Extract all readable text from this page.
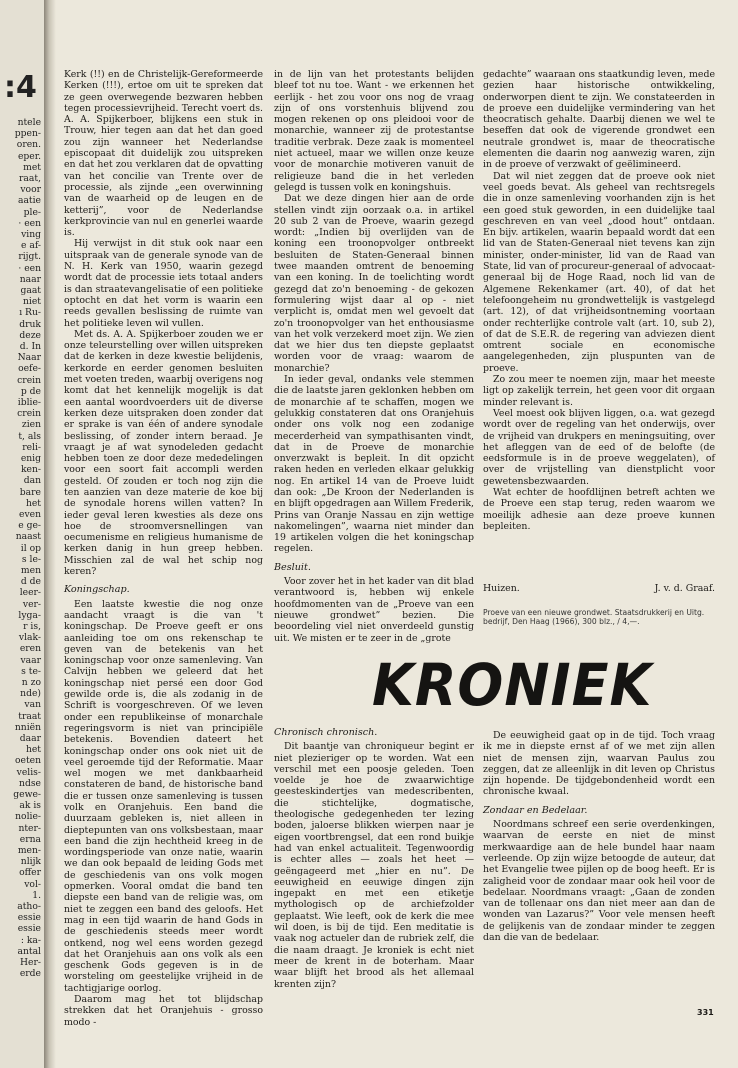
:4
ntele
ppen-
oren.
eper.
met
raat,
voor
aatie
ple-
· een
ving
e af-
rijgt.
· een
naar
gaat
niet
ı Ru-
druk
deze
d. In
Naar
oefe-
crein
p de
iblie-
crein
zien
t, als
reli-
enig
ken-
dan
bare
het
even
e ge-
naast
il op
s le-
men
d de
leer-
ver-
lyga-
r is,
vlak-
eren
vaar
s te-
n zo
nde)
van
traat
nniën
daar
het
oeten
velis-
ndse
gewe-
ak is
nolie-
nter-
erna
men-
nlijk
offer
vol-
1.
atho-
essie
essie
: ka-
antal
Her-
erde

Kerk (!!) en de Christelijk-Gereformeerde Kerken (!!!), ertoe om uit te spreken dat ze geen overwegende bezwaren hebben tegen processievrijheid. Terecht voert ds. A. A. Spijkerboer, blijkens een stuk in Trouw, hier tegen aan dat het dan goed zou zijn wanneer het Nederlandse episcopaat dit duidelijk zou uitspreken en dat het zou verklaren dat de opvatting van het concilie van Trente over de processie, als zijnde „een overwinning van de waarheid op de leugen en de ketterij”, voor de Nederlandse kerkprovincie van nul en generlei waarde is.

Hij verwijst in dit stuk ook naar een uitspraak van de generale synode van de N. H. Kerk van 1950, waarin gezegd wordt dat de processie iets totaal anders is dan straatevangelisatie of een politieke optocht en dat het vorm is waarin een reeds gevallen beslissing de ruimte van het politieke leven wil vullen.

Met ds. A. A. Spijkerboer zouden we er onze teleurstelling over willen uitspreken dat de kerken in deze kwestie belijdenis, kerkorde en eerder genomen besluiten met voeten treden, waarbij overigens nog komt dat het kennelijk mogelijk is dat een aantal woordvoerders uit de diverse kerken deze uitspraken doen zonder dat er sprake is van één of andere synodale beslissing, of zonder intern beraad. Je vraagt je af wat synodeleden gedacht hebben toen ze door deze mededelingen voor een soort fait accompli werden gesteld. Of zouden er toch nog zijn die ten aanzien van deze materie de koe bij de synodale horens willen vatten? In ieder geval leren kwesties als deze ons hoe de stroomversnellingen van oecumenisme en religieus humanisme de kerken danig in hun greep hebben. Misschien zal de wal het schip nog keren?

Koningschap.

Een laatste kwestie die nog onze aandacht vraagt is die van 't koningschap. De Proeve geeft er ons aanleiding toe om ons rekenschap te geven van de betekenis van het koningschap voor onze samenleving. Van Calvijn hebben we geleerd dat het koningschap niet persé een door God gewilde orde is, die als zodanig in de Schrift is voorgeschreven. Of we leven onder een republikeinse of monarchale regeringsvorm is niet van principiële betekenis. Bovendien dateert het koningschap onder ons ook niet uit de veel geroemde tijd der Reformatie. Maar wel mogen we met dankbaarheid constateren de band, de historische band die er tussen onze samenleving is tussen volk en Oranjehuis. Een band die duurzaam gebleken is, niet alleen in dieptepunten van ons volksbestaan, maar een band die zijn hechtheid kreeg in de wordingsperiode van onze natie, waarin we dan ook bepaald de leiding Gods met de geschiedenis van ons volk mogen opmerken. Vooral omdat die band ten diepste een band van de religie was, om niet te zeggen een band des geloofs. Het mag in een tijd waarin de hand Gods in de geschiedenis steeds meer wordt ontkend, nog wel eens worden gezegd dat het Oranjehuis aan ons volk als een geschenk Gods gegeven is in de worsteling om geestelijke vrijheid in de tachtigjarige oorlog.

Daarom mag het tot blijdschap strekken dat het Oranjehuis - grosso modo -

in de lijn van het protestants belijden bleef tot nu toe. Want - we erkennen het eerlijk - het zou voor ons nog de vraag zijn of ons vorstenhuis blijvend zou mogen rekenen op ons pleidooi voor de monarchie, wanneer zij de protestantse traditie verbrak. Deze zaak is momenteel niet actueel, maar we willen onze keuze voor de monarchie motiveren vanuit de religieuze band die in het verleden gelegd is tussen volk en koningshuis.

Dat we deze dingen hier aan de orde stellen vindt zijn oorzaak o.a. in artikel 20 sub 2 van de Proeve, waarin gezegd wordt: „Indien bij overlijden van de koning een troonopvolger ontbreekt besluiten de Staten-Generaal binnen twee maanden omtrent de benoeming van een koning. In de toelichting wordt gezegd dat zo'n benoeming - de gekozen formulering wijst daar al op - niet verplicht is, omdat men wel gevoelt dat zo'n troonopvolger van het enthousiasme van het volk verzekerd moet zijn. We zien dat we hier dus ten diepste geplaatst worden voor de vraag: waarom de monarchie?

In ieder geval, ondanks vele stemmen die de laatste jaren geklonken hebben om de monarchie af te schaffen, mogen we gelukkig constateren dat ons Oranjehuis onder ons volk nog een zodanige mecerderheid van sympathisanten vindt, dat in de Proeve de monarchie onverzwakt is bepleit. In dit opzicht raken heden en verleden elkaar gelukkig nog. En artikel 14 van de Proeve luidt dan ook: „De Kroon der Nederlanden is en blijft opgedragen aan Willem Frederik, Prins van Oranje Nassau en zijn wettige nakomelingen”, waarna niet minder dan 19 artikelen volgen die het koningschap regelen.

Besluit.

Voor zover het in het kader van dit blad verantwoord is, hebben wij enkele hoofdmomenten van de „Proeve van een nieuwe grondwet” bezien. Die beoordeling viel niet onverdeeld gunstig uit. We misten er te zeer in de „grote

gedachte” waaraan ons staatkundig leven, mede gezien haar historische ontwikkeling, onderworpen dient te zijn. We constateerden in de proeve een duidelijke vermindering van het theocratisch gehalte. Daarbij dienen we wel te beseffen dat ook de vigerende grondwet een neutrale grondwet is, maar de theocratische elementen die daarin nog aanwezig waren, zijn in de proeve of verzwakt of geëlimineerd.

Dat wil niet zeggen dat de proeve ook niet veel goeds bevat. Als geheel van rechtsregels die in onze samenleving voorhanden zijn is het een goed stuk geworden, in een duidelijke taal geschreven en van veel „dood hout” ontdaan. En bijv. artikelen, waarin bepaald wordt dat een lid van de Staten-Generaal niet tevens kan zijn minister, onder-minister, lid van de Raad van State, lid van of procureur-generaal of advocaat-generaal bij de Hoge Raad, noch lid van de Algemene Rekenkamer (art. 40), of dat het telefoongeheim nu grondwettelijk is vastgelegd (art. 12), of dat vrijheidsontneming voortaan onder rechterlijke controle valt (art. 10, sub 2), of dat de S.E.R. de regering van adviezen dient omtrent sociale en economische aangelegenheden, zijn pluspunten van de proeve.

Zo zou meer te noemen zijn, maar het meeste ligt op zakelijk terrein, het geen voor dit orgaan minder relevant is.

Veel moest ook blijven liggen, o.a. wat gezegd wordt over de regeling van het onderwijs, over de vrijheid van drukpers en meningsuiting, over het afleggen van de eed of de belofte (de eedsformule is in de proeve weggelaten), of over de vrijstelling van dienstplicht voor gewetensbezwaarden.

Wat echter de hoofdlijnen betreft achten we de Proeve een stap terug, reden waarom we moeilijk adhesie aan deze proeve kunnen bepleiten.

Huizen.	J. v. d. Graaf.
Proeve van een nieuwe grondwet. Staatsdrukkerij en Uitg. bedrijf, Den Haag (1966), 300 blz., / 4,—.
KRONIEK
Chronisch chronisch.

Dit baantje van chroniqueur begint er niet plezieriger op te worden. Wat een verschil met een poosje geleden. Toen voelde je hoe de zwaarwichtige geesteskindertjes van medescribenten, die stichtelijke, dogmatische, theologische gedegenheden ter lezing boden, jaloerse blikken wierpen naar je eigen voortbrengsel, dat een rond buikje had van enkel actualiteit. Tegenwoordig is echter alles — zoals het heet — geëngageerd met „hier en nu”. De eeuwigheid en eeuwige dingen zijn ingepakt en met een etiketje mythologisch op de archiefzolder geplaatst. Wie leeft, ook de kerk die mee wil doen, is bij de tijd. Een meditatie is vaak nog actueler dan de rubriek zelf, die die naam draagt. Je kroniek is echt niet meer de krent in de boterham. Maar waar blijft het brood als het allemaal krenten zijn?

De eeuwigheid gaat op in de tijd. Toch vraag ik me in diepste ernst af of we met zijn allen niet de mensen zijn, waarvan Paulus zou zeggen, dat ze alleenlijk in dit leven op Christus zijn hopende. De tijdgebondenheid wordt een chronische kwaal.

Zondaar en Bedelaar.

Noordmans schreef een serie overdenkingen, waarvan de eerste en niet de minst merkwaardige aan de hele bundel haar naam verleende. Op zijn wijze betoogde de auteur, dat het Evangelie twee pijlen op de boog heeft. Er is zaligheid voor de zondaar maar ook heil voor de bedelaar. Noordmans vraagt: „Gaan de zonden van de tollenaar ons dan niet meer aan dan de wonden van Lazarus?” Voor vele mensen heeft de gelijkenis van de zondaar minder te zeggen dan die van de bedelaar.

331
